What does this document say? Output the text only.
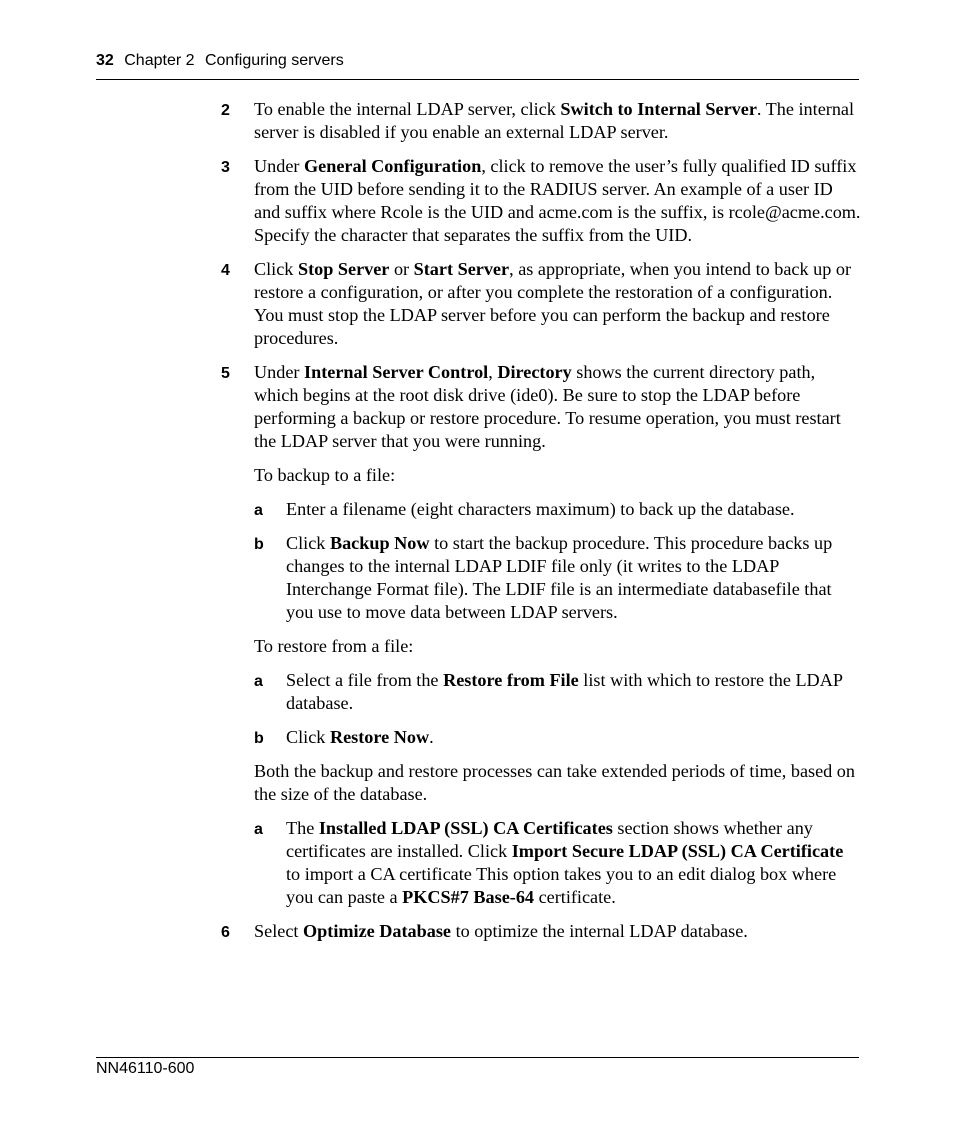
32 Chapter 2 Configuring servers
2 To enable the internal LDAP server, click Switch to Internal Server. The internal server is disabled if you enable an external LDAP server.
3 Under General Configuration, click to remove the user’s fully qualified ID suffix from the UID before sending it to the RADIUS server. An example of a user ID and suffix where Rcole is the UID and acme.com is the suffix, is rcole@acme.com. Specify the character that separates the suffix from the UID.
4 Click Stop Server or Start Server, as appropriate, when you intend to back up or restore a configuration, or after you complete the restoration of a configuration. You must stop the LDAP server before you can perform the backup and restore procedures.
5 Under Internal Server Control, Directory shows the current directory path, which begins at the root disk drive (ide0). Be sure to stop the LDAP before performing a backup or restore procedure. To resume operation, you must restart the LDAP server that you were running.
To backup to a file:
a Enter a filename (eight characters maximum) to back up the database.
b Click Backup Now to start the backup procedure. This procedure backs up changes to the internal LDAP LDIF file only (it writes to the LDAP Interchange Format file). The LDIF file is an intermediate databasefile that you use to move data between LDAP servers.
To restore from a file:
a Select a file from the Restore from File list with which to restore the LDAP database.
b Click Restore Now.
Both the backup and restore processes can take extended periods of time, based on the size of the database.
a The Installed LDAP (SSL) CA Certificates section shows whether any certificates are installed. Click Import Secure LDAP (SSL) CA Certificate to import a CA certificate This option takes you to an edit dialog box where you can paste a PKCS#7 Base-64 certificate.
6 Select Optimize Database to optimize the internal LDAP database.
NN46110-600
